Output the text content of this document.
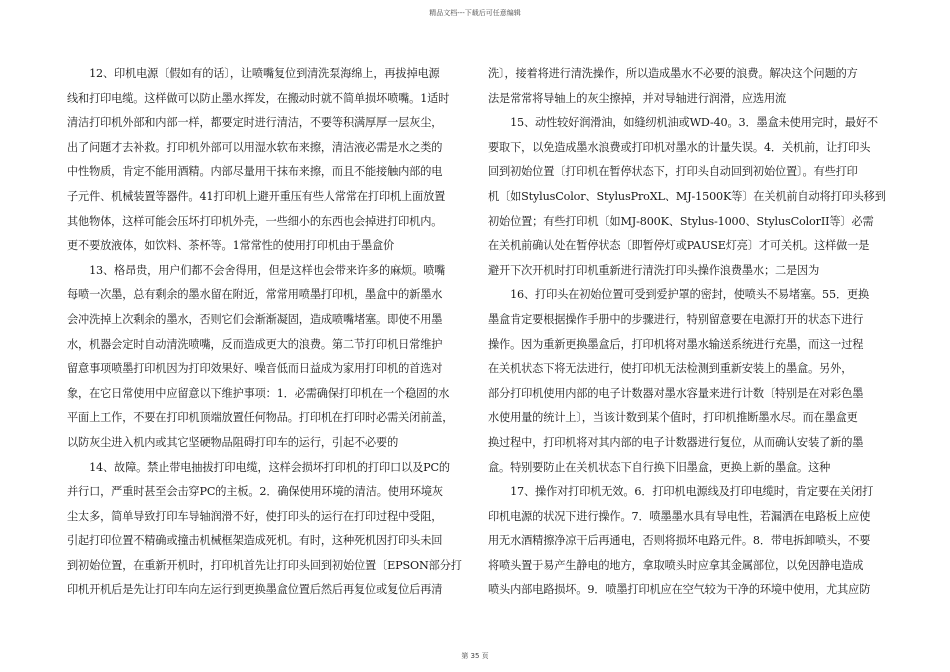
精品文档---下载后可任意编辑
　　12、印机电源〔假如有的话〕，让喷嘴复位到清洗泵海绵上，再拔掉电源
线和打印电缆。这样做可以防止墨水挥发，在搬动时就不简单损坏喷嘴。1适时
清洁打印机外部和内部一样，都要定时进行清洁，不要等积满厚厚一层灰尘，
出了问题才去补救。打印机外部可以用湿水软布来擦，清洁液必需是水之类的
中性物质，肯定不能用酒精。内部尽量用干抹布来擦，而且不能接触内部的电
子元件、机械装置等器件。41打印机上避开重压有些人常常在打印机上面放置
其他物体，这样可能会压坏打印机外壳，一些细小的东西也会掉进打印机内。
更不要放液体，如饮料、茶杯等。1常常性的使用打印机由于墨盒价
　　13、格昂贵，用户们都不会舍得用，但是这样也会带来许多的麻烦。喷嘴
每喷一次墨，总有剩余的墨水留在附近，常常用喷墨打印机，墨盒中的新墨水
会冲洗掉上次剩余的墨水，否则它们会渐渐凝固，造成喷嘴堵塞。即使不用墨
水，机器会定时自动清洗喷嘴，反而造成更大的浪费。第二节打印机日常维护
留意事项喷墨打印机因为打印效果好、噪音低而日益成为家用打印机的首选对
象，在它日常使用中应留意以下维护事项：1．必需确保打印机在一个稳固的水
平面上工作，不要在打印机顶端放置任何物品。打印机在打印时必需关闭前盖，
以防灰尘进入机内或其它坚硬物品阻碍打印车的运行，引起不必要的
　　14、故障。禁止带电抽拔打印电缆，这样会损坏打印机的打印口以及PC的
并行口，严重时甚至会击穿PC的主板。2．确保使用环境的清洁。使用环境灰
尘太多，简单导致打印车导轴润滑不好，使打印头的运行在打印过程中受阻，
引起打印位置不精确或撞击机械框架造成死机。有时，这种死机因打印头未回
到初始位置，在重新开机时，打印机首先让打印头回到初始位置〔EPSON部分打
印机开机后是先让打印车向左运行到更换墨盒位置后然后再复位或复位后再清
洗〕，接着将进行清洗操作，所以造成墨水不必要的浪费。解决这个问题的方
法是常常将导轴上的灰尘擦掉，并对导轴进行润滑，应选用流
　　15、动性较好润滑油，如缝纫机油或WD-40。3．墨盒未使用完时，最好不
要取下，以免造成墨水浪费或打印机对墨水的计量失误。4．关机前，让打印头
回到初始位置〔打印机在暂停状态下，打印头自动回到初始位置〕。有些打印
机〔如StylusColor、StylusProXL、MJ-1500K等〕在关机前自动将打印头移到
初始位置；有些打印机〔如MJ-800K、Stylus-1000、StylusColorII等〕必需
在关机前确认处在暂停状态〔即暂停灯或PAUSE灯亮〕才可关机。这样做一是
避开下次开机时打印机重新进行清洗打印头操作浪费墨水；二是因为
　　16、打印头在初始位置可受到爱护罩的密封，使喷头不易堵塞。55．更换
墨盒肯定要根据操作手册中的步骤进行，特别留意要在电源打开的状态下进行
操作。因为重新更换墨盒后，打印机将对墨水输送系统进行充墨，而这一过程
在关机状态下将无法进行，使打印机无法检测到重新安装上的墨盒。另外，
部分打印机使用内部的电子计数器对墨水容量来进行计数〔特别是在对彩色墨
水使用量的统计上〕，当该计数到某个值时，打印机推断墨水尽。而在墨盒更
换过程中，打印机将对其内部的电子计数器进行复位，从而确认安装了新的墨
盒。特别要防止在关机状态下自行换下旧墨盒，更换上新的墨盒。这种
　　17、操作对打印机无效。6．打印机电源线及打印电缆时，肯定要在关闭打
印机电源的状况下进行操作。7．喷墨墨水具有导电性，若漏洒在电路板上应使
用无水酒精擦净凉干后再通电，否则将损坏电路元件。8．带电拆卸喷头，不要
将喷头置于易产生静电的地方，拿取喷头时应拿其金属部位，以免因静电造成
喷头内部电路损坏。9．喷墨打印机应在空气较为干净的环境中使用，尤其应防
第 35 页
